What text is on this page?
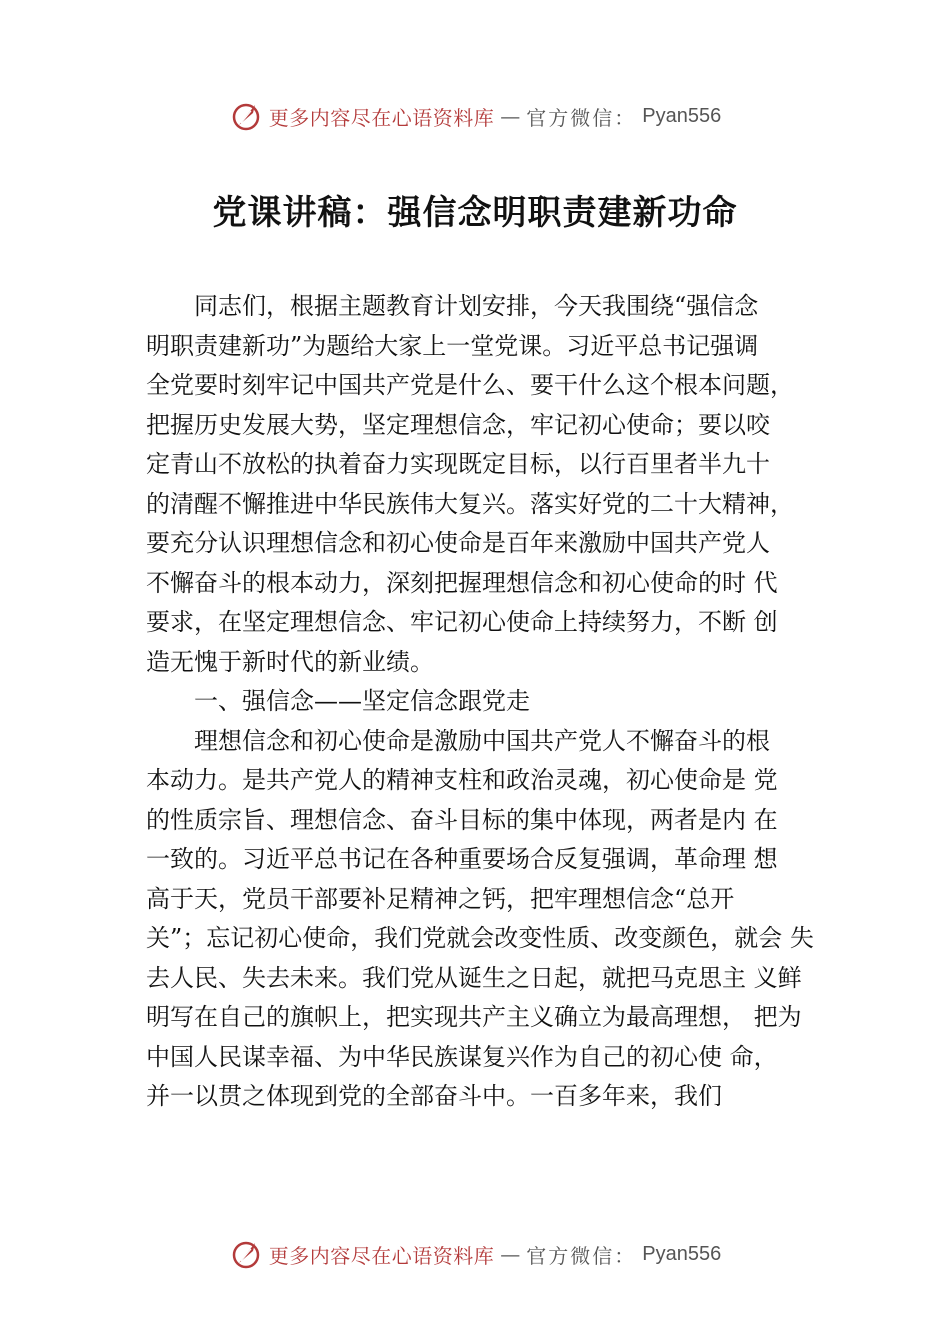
更多内容尽在心语资料库 — 官方微信： Pyan556
党课讲稿：强信念明职责建新功命

同志们，根据主题教育计划安排，今天我围绕“强信念
明职责建新功”为题给大家上一堂党课。习近平总书记强调
全党要时刻牢记中国共产党是什么、要干什么这个根本问题，
把握历史发展大势，坚定理想信念，牢记初心使命；要以咬
定青山不放松的执着奋力实现既定目标，以行百里者半九十
的清醒不懈推进中华民族伟大复兴。落实好党的二十大精神，
要充分认识理想信念和初心使命是百年来激励中国共产党人
不懈奋斗的根本动力，深刻把握理想信念和初心使命的时 代
要求，在坚定理想信念、牢记初心使命上持续努力，不断 创
造无愧于新时代的新业绩。

一、强信念——坚定信念跟党走

理想信念和初心使命是激励中国共产党人不懈奋斗的根
本动力。是共产党人的精神支柱和政治灵魂，初心使命是 党
的性质宗旨、理想信念、奋斗目标的集中体现，两者是内 在
一致的。习近平总书记在各种重要场合反复强调，革命理 想
高于天，党员干部要补足精神之钙，把牢理想信念“总开
关”；忘记初心使命，我们党就会改变性质、改变颜色，就会 失
去人民、失去未来。我们党从诞生之日起，就把马克思主 义鲜
明写在自己的旗帜上，把实现共产主义确立为最高理想， 把为
中国人民谋幸福、为中华民族谋复兴作为自己的初心使 命，
并一以贯之体现到党的全部奋斗中。一百多年来，我们

更多内容尽在心语资料库 — 官方微信： Pyan556
